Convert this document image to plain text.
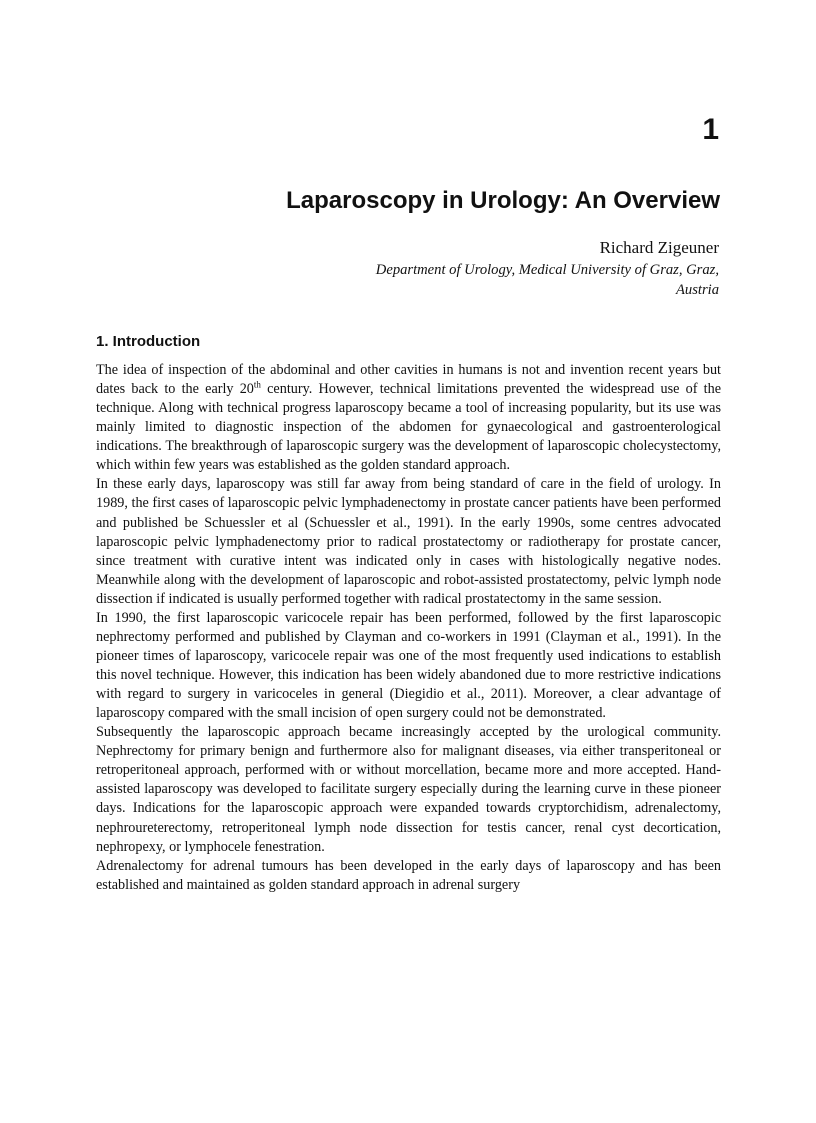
1
Laparoscopy in Urology: An Overview
Richard Zigeuner
Department of Urology, Medical University of Graz, Graz,
Austria
1. Introduction

The idea of inspection of the abdominal and other cavities in humans is not and invention recent years but dates back to the early 20th century. However, technical limitations prevented the widespread use of the technique. Along with technical progress laparoscopy became a tool of increasing popularity, but its use was mainly limited to diagnostic inspection of the abdomen for gynaecological and gastroenterological indications. The breakthrough of laparoscopic surgery was the development of laparoscopic cholecystectomy, which within few years was established as the golden standard approach.

In these early days, laparoscopy was still far away from being standard of care in the field of urology. In 1989, the first cases of laparoscopic pelvic lymphadenectomy in prostate cancer patients have been performed and published be Schuessler et al (Schuessler et al., 1991). In the early 1990s, some centres advocated laparoscopic pelvic lymphadenectomy prior to radical prostatectomy or radiotherapy for prostate cancer, since treatment with curative intent was indicated only in cases with histologically negative nodes. Meanwhile along with the development of laparoscopic and robot-assisted prostatectomy, pelvic lymph node dissection if indicated is usually performed together with radical prostatectomy in the same session.

In 1990, the first laparoscopic varicocele repair has been performed, followed by the first laparoscopic nephrectomy performed and published by Clayman and co-workers in 1991 (Clayman et al., 1991). In the pioneer times of laparoscopy, varicocele repair was one of the most frequently used indications to establish this novel technique. However, this indication has been widely abandoned due to more restrictive indications with regard to surgery in varicoceles in general (Diegidio et al., 2011). Moreover, a clear advantage of laparoscopy compared with the small incision of open surgery could not be demonstrated.

Subsequently the laparoscopic approach became increasingly accepted by the urological community. Nephrectomy for primary benign and furthermore also for malignant diseases, via either transperitoneal or retroperitoneal approach, performed with or without morcellation, became more and more accepted. Hand-assisted laparoscopy was developed to facilitate surgery especially during the learning curve in these pioneer days. Indications for the laparoscopic approach were expanded towards cryptorchidism, adrenalectomy, nephroureterectomy, retroperitoneal lymph node dissection for testis cancer, renal cyst decortication, nephropexy, or lymphocele fenestration.

Adrenalectomy for adrenal tumours has been developed in the early days of laparoscopy and has been established and maintained as golden standard approach in adrenal surgery
